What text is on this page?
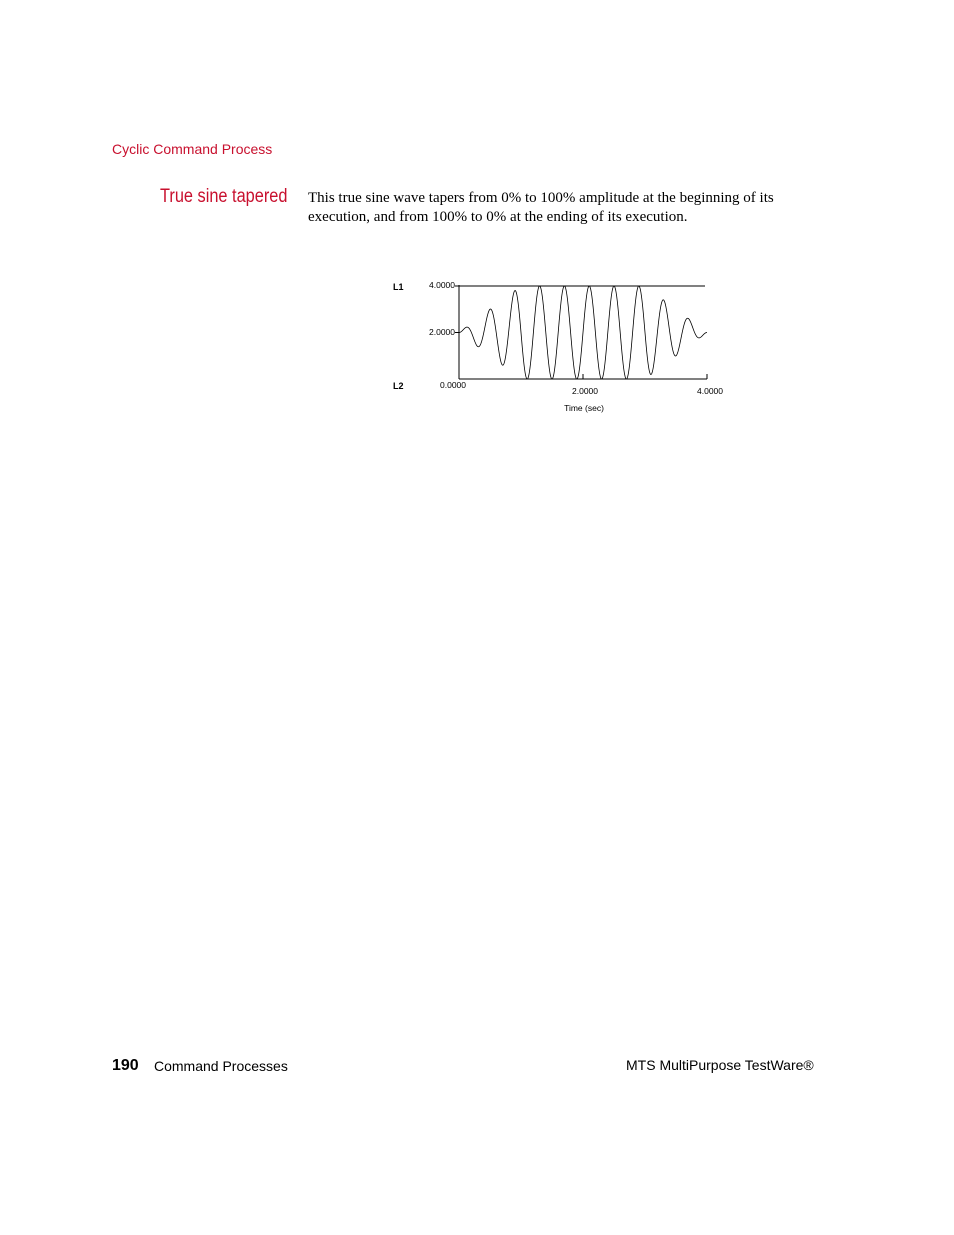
Cyclic Command Process
True sine tapered This true sine wave tapers from 0% to 100% amplitude at the beginning of its execution, and from 100% to 0% at the ending of its execution.

L1
L2
4.0000
2.0000
0.0000
2.0000	4.0000
Time (sec)
190 Command Processes	MTS MultiPurpose TestWare®
